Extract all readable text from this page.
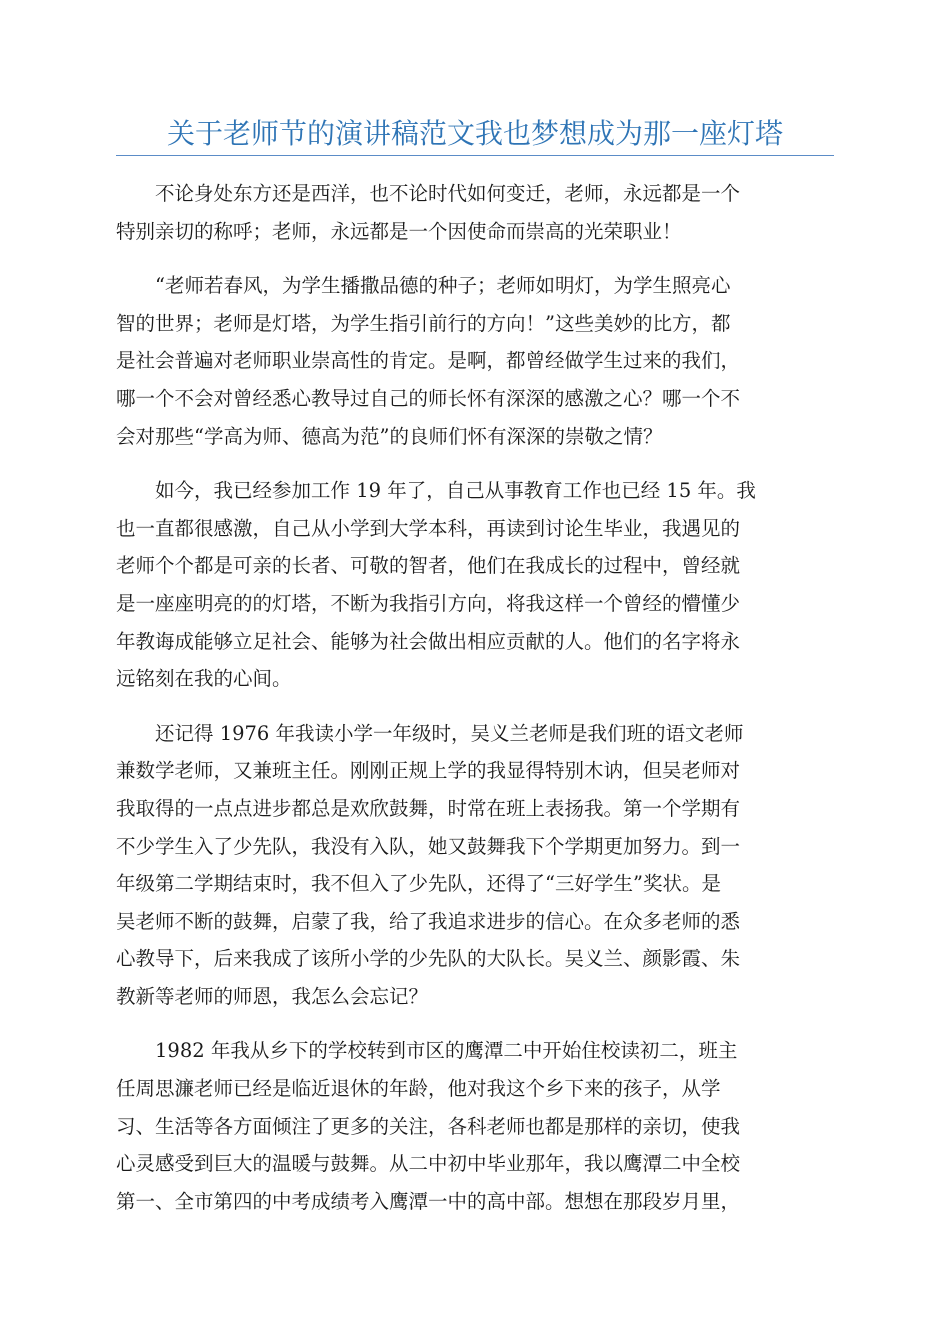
关于老师节的演讲稿范文我也梦想成为那一座灯塔

不论身处东方还是西洋，也不论时代如何变迁，老师，永远都是一个
特别亲切的称呼；老师，永远都是一个因使命而崇高的光荣职业！

“老师若春风，为学生播撒品德的种子；老师如明灯，为学生照亮心
智的世界；老师是灯塔，为学生指引前行的方向！”这些美妙的比方，都
是社会普遍对老师职业崇高性的肯定。是啊，都曾经做学生过来的我们，
哪一个不会对曾经悉心教导过自己的师长怀有深深的感激之心？哪一个不
会对那些“学高为师、德高为范”的良师们怀有深深的崇敬之情？

如今，我已经参加工作 19 年了，自己从事教育工作也已经 15 年。我
也一直都很感激，自己从小学到大学本科，再读到讨论生毕业，我遇见的
老师个个都是可亲的长者、可敬的智者，他们在我成长的过程中，曾经就
是一座座明亮的的灯塔，不断为我指引方向，将我这样一个曾经的懵懂少
年教诲成能够立足社会、能够为社会做出相应贡献的人。他们的名字将永
远铭刻在我的心间。

还记得 1976 年我读小学一年级时，吴义兰老师是我们班的语文老师
兼数学老师，又兼班主任。刚刚正规上学的我显得特别木讷，但吴老师对
我取得的一点点进步都总是欢欣鼓舞，时常在班上表扬我。第一个学期有
不少学生入了少先队，我没有入队，她又鼓舞我下个学期更加努力。到一
年级第二学期结束时，我不但入了少先队，还得了“三好学生”奖状。是
吴老师不断的鼓舞，启蒙了我，给了我追求进步的信心。在众多老师的悉
心教导下，后来我成了该所小学的少先队的大队长。吴义兰、颜影霞、朱
教新等老师的师恩，我怎么会忘记？

1982 年我从乡下的学校转到市区的鹰潭二中开始住校读初二，班主
任周思濂老师已经是临近退休的年龄，他对我这个乡下来的孩子，从学
习、生活等各方面倾注了更多的关注，各科老师也都是那样的亲切，使我
心灵感受到巨大的温暖与鼓舞。从二中初中毕业那年，我以鹰潭二中全校
第一、全市第四的中考成绩考入鹰潭一中的高中部。想想在那段岁月里，
